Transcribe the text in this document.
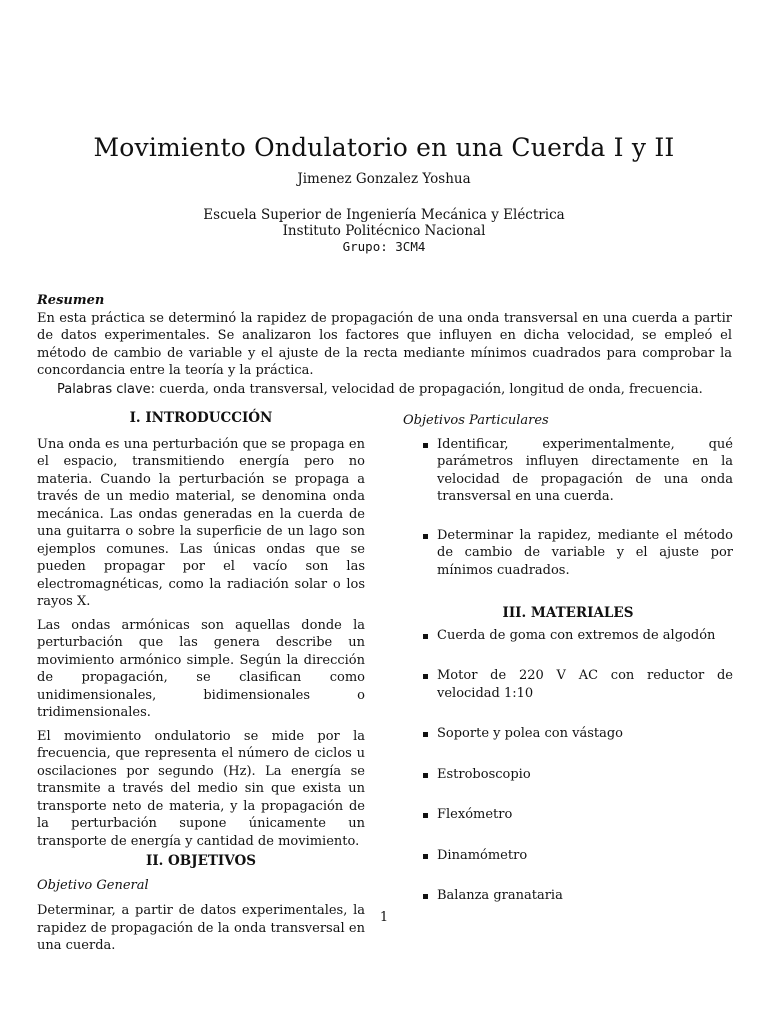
Movimiento Ondulatorio en una Cuerda I y II
Jimenez Gonzalez Yoshua
Escuela Superior de Ingeniería Mecánica y Eléctrica
Instituto Politécnico Nacional
Grupo: 3CM4
Resumen

En esta práctica se determinó la rapidez de propagación de una onda transversal en una cuerda a partir de datos experimentales. Se analizaron los factores que influyen en dicha velocidad, se empleó el método de cambio de variable y el ajuste de la recta mediante mínimos cuadrados para comprobar la concordancia entre la teoría y la práctica.

Palabras clave: cuerda, onda transversal, velocidad de propagación, longitud de onda, frecuencia.
I. INTRODUCCIÓN

Una onda es una perturbación que se propaga en el espacio, transmitiendo energía pero no materia. Cuando la perturbación se propaga a través de un medio material, se denomina onda mecánica. Las ondas generadas en la cuerda de una guitarra o sobre la superficie de un lago son ejemplos comunes. Las únicas ondas que se pueden propagar por el vacío son las electromagnéticas, como la radiación solar o los rayos X.

Las ondas armónicas son aquellas donde la perturbación que las genera describe un movimiento armónico simple. Según la dirección de propagación, se clasifican como unidimensionales, bidimensionales o tridimensionales.

El movimiento ondulatorio se mide por la frecuencia, que representa el número de ciclos u oscilaciones por segundo (Hz). La energía se transmite a través del medio sin que exista un transporte neto de materia, y la propagación de la perturbación supone únicamente un transporte de energía y cantidad de movimiento.

II. OBJETIVOS
Objetivo General

Determinar, a partir de datos experimentales, la rapidez de propagación de la onda transversal en una cuerda.

Objetivos Particulares
Identificar, experimentalmente, qué parámetros influyen directamente en la velocidad de propagación de una onda transversal en una cuerda.
Determinar la rapidez, mediante el método de cambio de variable y el ajuste por mínimos cuadrados.
III. MATERIALES
Cuerda de goma con extremos de algodón
Motor de 220 V AC con reductor de velocidad 1:10
Soporte y polea con vástago
Estroboscopio
Flexómetro
Dinamómetro
Balanza granataria
1
